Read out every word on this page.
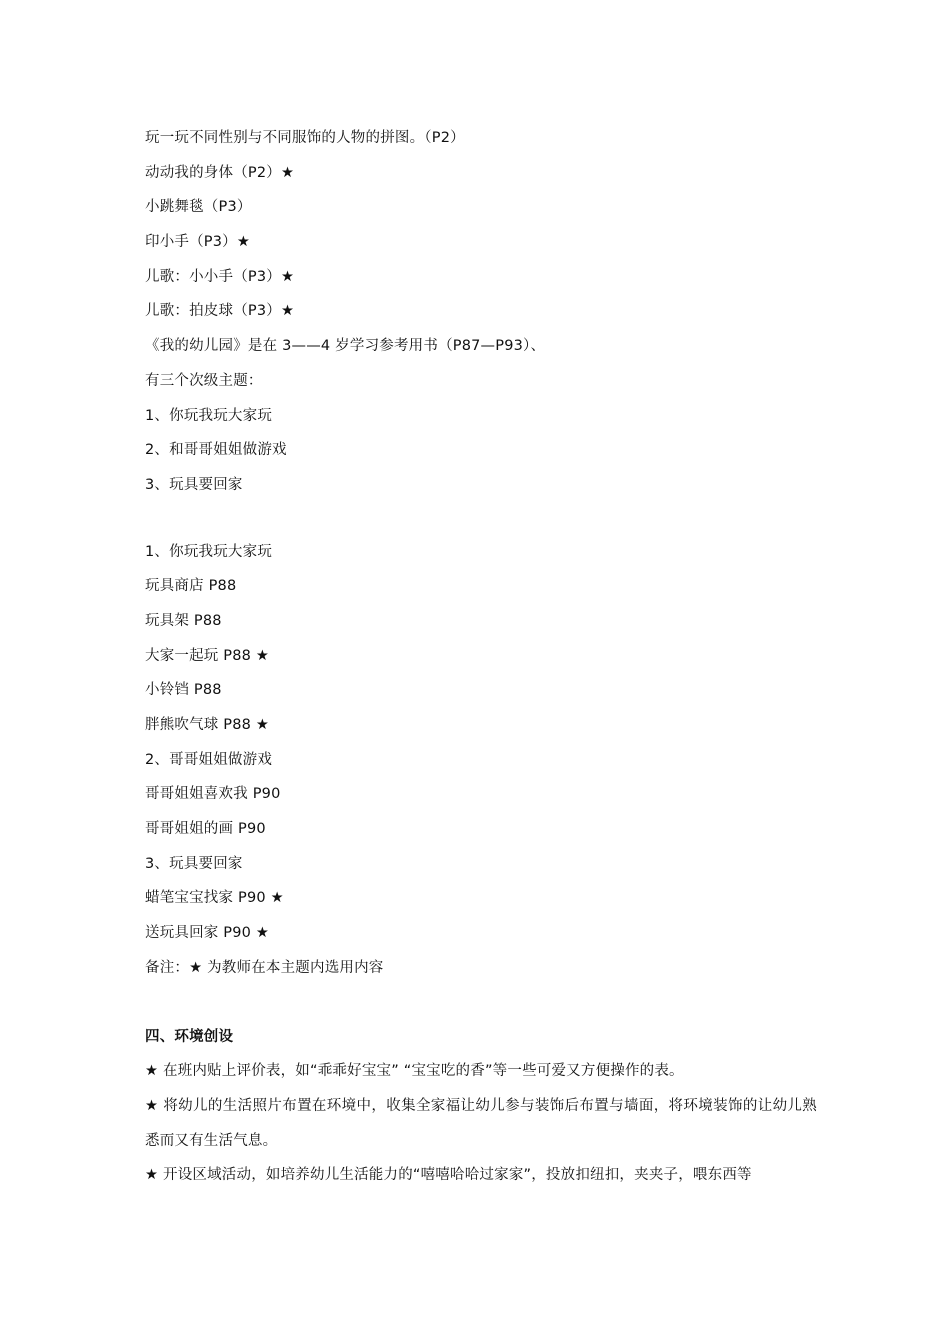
玩一玩不同性别与不同服饰的人物的拼图。（P2）
动动我的身体（P2）★
小跳舞毯（P3）
印小手（P3）★
儿歌：小小手（P3）★
儿歌：拍皮球（P3）★
《我的幼儿园》是在 3——4 岁学习参考用书（P87—P93）、
有三个次级主题：
1、你玩我玩大家玩
2、和哥哥姐姐做游戏
3、玩具要回家
1、你玩我玩大家玩
玩具商店 P88
玩具架 P88
大家一起玩 P88 ★
小铃铛 P88
胖熊吹气球 P88 ★
2、哥哥姐姐做游戏
哥哥姐姐喜欢我 P90
哥哥姐姐的画 P90
3、玩具要回家
蜡笔宝宝找家 P90 ★
送玩具回家 P90 ★
备注：★ 为教师在本主题内选用内容
四、环境创设
★ 在班内贴上评价表，如“乖乖好宝宝” “宝宝吃的香”等一些可爱又方便操作的表。
★ 将幼儿的生活照片布置在环境中，收集全家福让幼儿参与装饰后布置与墙面，将环境装饰的让幼儿熟悉而又有生活气息。
★ 开设区域活动，如培养幼儿生活能力的“嘻嘻哈哈过家家”，投放扣纽扣，夹夹子，喂东西等
